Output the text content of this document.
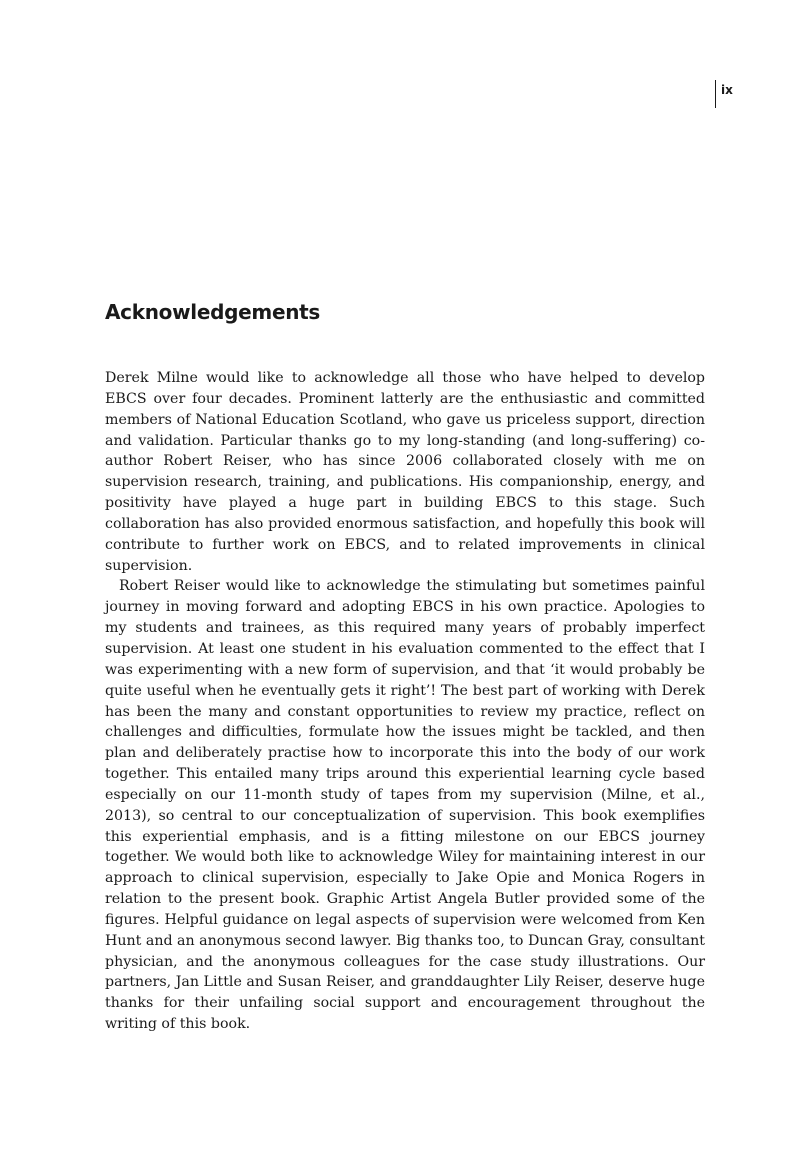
ix
Acknowledgements

Derek Milne would like to acknowledge all those who have helped to develop EBCS over four decades. Prominent latterly are the enthusiastic and committed members of National Education Scotland, who gave us priceless support, direction and validation. Particular thanks go to my long-standing (and long-suffering) co-author Robert Reiser, who has since 2006 collaborated closely with me on supervision research, training, and publications. His companionship, energy, and positivity have played a huge part in building EBCS to this stage. Such collaboration has also provided enormous satisfaction, and hopefully this book will contribute to further work on EBCS, and to related improvements in clinical supervision.

Robert Reiser would like to acknowledge the stimulating but sometimes painful journey in moving forward and adopting EBCS in his own practice. Apologies to my students and trainees, as this required many years of probably imperfect supervision. At least one student in his evaluation commented to the effect that I was experimenting with a new form of supervision, and that ‘it would probably be quite useful when he eventually gets it right’! The best part of working with Derek has been the many and constant opportunities to review my practice, reflect on challenges and difficulties, formulate how the issues might be tackled, and then plan and deliberately practise how to incorporate this into the body of our work together. This entailed many trips around this experiential learning cycle based especially on our 11-month study of tapes from my supervision (Milne, et al., 2013), so central to our conceptualization of supervision. This book exemplifies this experiential emphasis, and is a fitting milestone on our EBCS journey together. We would both like to acknowledge Wiley for maintaining interest in our approach to clinical supervision, especially to Jake Opie and Monica Rogers in relation to the present book. Graphic Artist Angela Butler provided some of the figures. Helpful guidance on legal aspects of supervision were welcomed from Ken Hunt and an anonymous second lawyer. Big thanks too, to Duncan Gray, consultant physician, and the anonymous colleagues for the case study illustrations. Our partners, Jan Little and Susan Reiser, and granddaughter Lily Reiser, deserve huge thanks for their unfailing social support and encouragement throughout the writing of this book.
